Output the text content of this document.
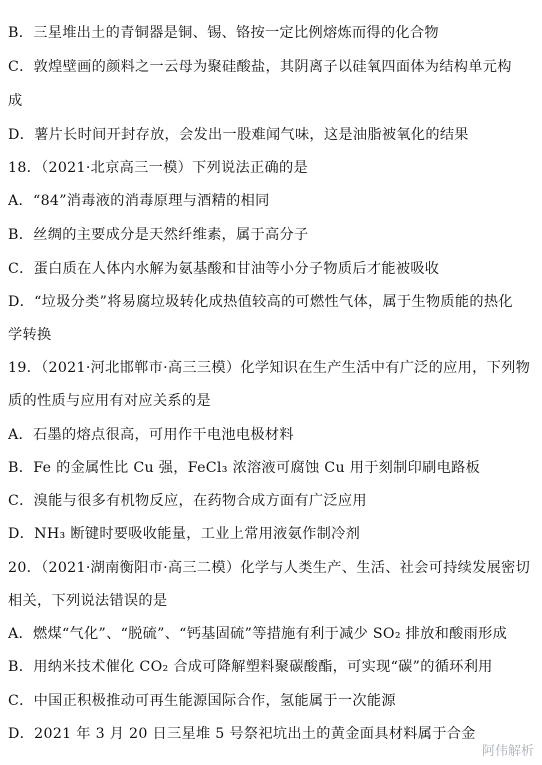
B．三星堆出土的青铜器是铜、锡、铬按一定比例熔炼而得的化合物
C．敦煌壁画的颜料之一云母为聚硅酸盐，其阴离子以硅氧四面体为结构单元构
成
D．薯片长时间开封存放，会发出一股难闻气味，这是油脂被氧化的结果
18．（2021·北京高三一模）下列说法正确的是
A．“84”消毒液的消毒原理与酒精的相同
B．丝绸的主要成分是天然纤维素，属于高分子
C．蛋白质在人体内水解为氨基酸和甘油等小分子物质后才能被吸收
D．“垃圾分类”将易腐垃圾转化成热值较高的可燃性气体，属于生物质能的热化
学转换
19．（2021·河北邯郸市·高三三模）化学知识在生产生活中有广泛的应用，下列物
质的性质与应用有对应关系的是
A．石墨的熔点很高，可用作干电池电极材料
B．Fe 的金属性比 Cu 强，FeCl₃ 浓溶液可腐蚀 Cu 用于刻制印刷电路板
C．溴能与很多有机物反应，在药物合成方面有广泛应用
D．NH₃ 断键时要吸收能量，工业上常用液氨作制冷剂
20．（2021·湖南衡阳市·高三二模）化学与人类生产、生活、社会可持续发展密切
相关，下列说法错误的是
A．燃煤“气化”、“脱硫”、“钙基固硫”等措施有利于减少 SO₂ 排放和酸雨形成
B．用纳米技术催化 CO₂ 合成可降解塑料聚碳酸酯，可实现“碳”的循环利用
C．中国正积极推动可再生能源国际合作，氢能属于一次能源
D．2021 年 3 月 20 日三星堆 5 号祭祀坑出土的黄金面具材料属于合金
阿伟解析
